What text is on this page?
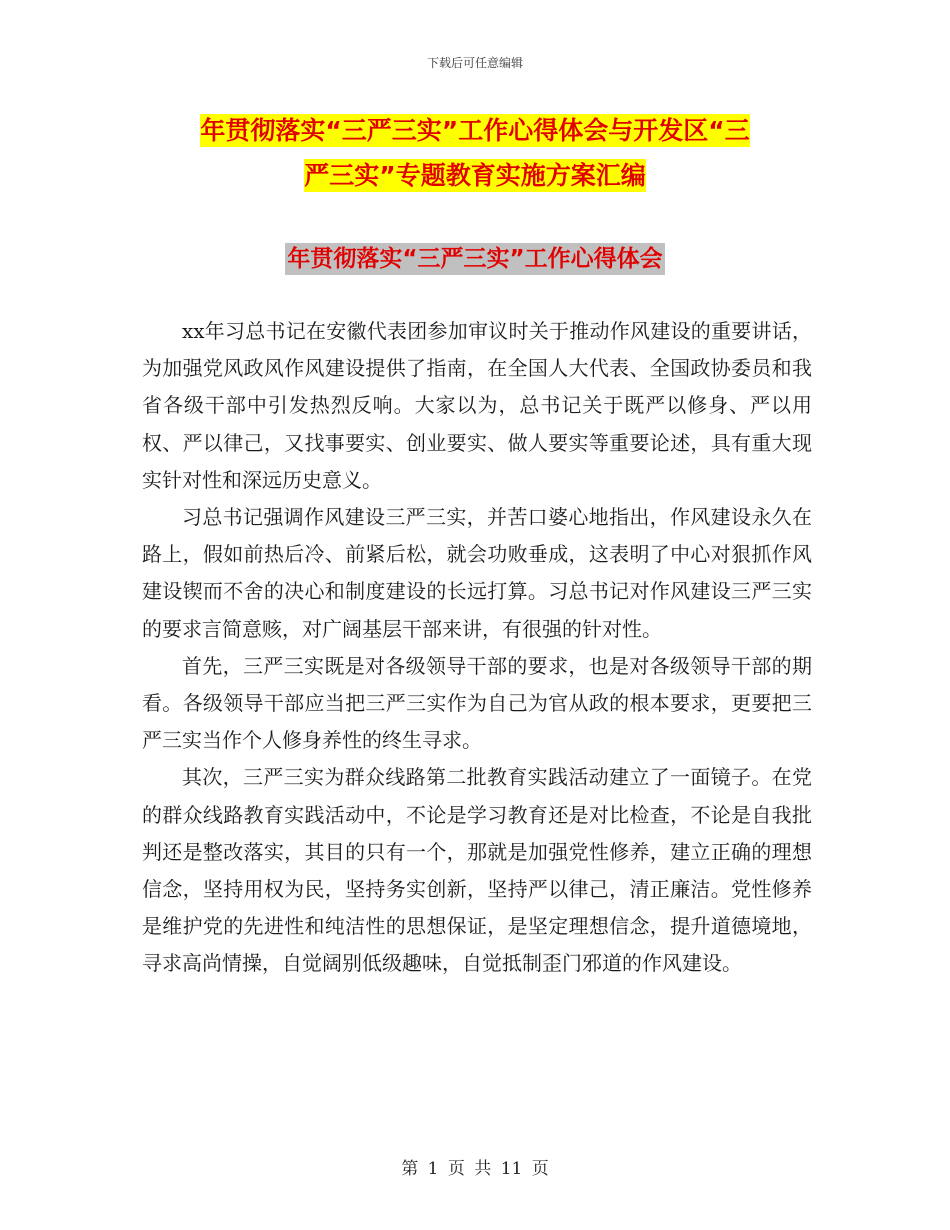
下载后可任意编辑
年贯彻落实“三严三实”工作心得体会与开发区“三
严三实”专题教育实施方案汇编
年贯彻落实“三严三实”工作心得体会

xx年习总书记在安徽代表团参加审议时关于推动作风建设的重要讲话，为加强党风政风作风建设提供了指南，在全国人大代表、全国政协委员和我省各级干部中引发热烈反响。大家以为，总书记关于既严以修身、严以用权、严以律己，又找事要实、创业要实、做人要实等重要论述，具有重大现实针对性和深远历史意义。

习总书记强调作风建设三严三实，并苦口婆心地指出，作风建设永久在路上，假如前热后冷、前紧后松，就会功败垂成，这表明了中心对狠抓作风建设锲而不舍的决心和制度建设的长远打算。习总书记对作风建设三严三实的要求言简意赅，对广阔基层干部来讲，有很强的针对性。

首先，三严三实既是对各级领导干部的要求，也是对各级领导干部的期看。各级领导干部应当把三严三实作为自己为官从政的根本要求，更要把三严三实当作个人修身养性的终生寻求。

其次，三严三实为群众线路第二批教育实践活动建立了一面镜子。在党的群众线路教育实践活动中，不论是学习教育还是对比检查，不论是自我批判还是整改落实，其目的只有一个，那就是加强党性修养，建立正确的理想信念，坚持用权为民，坚持务实创新，坚持严以律己，清正廉洁。党性修养是维护党的先进性和纯洁性的思想保证，是坚定理想信念，提升道德境地，寻求高尚情操，自觉阔别低级趣味，自觉抵制歪门邪道的作风建设。

第 1 页 共 11 页
